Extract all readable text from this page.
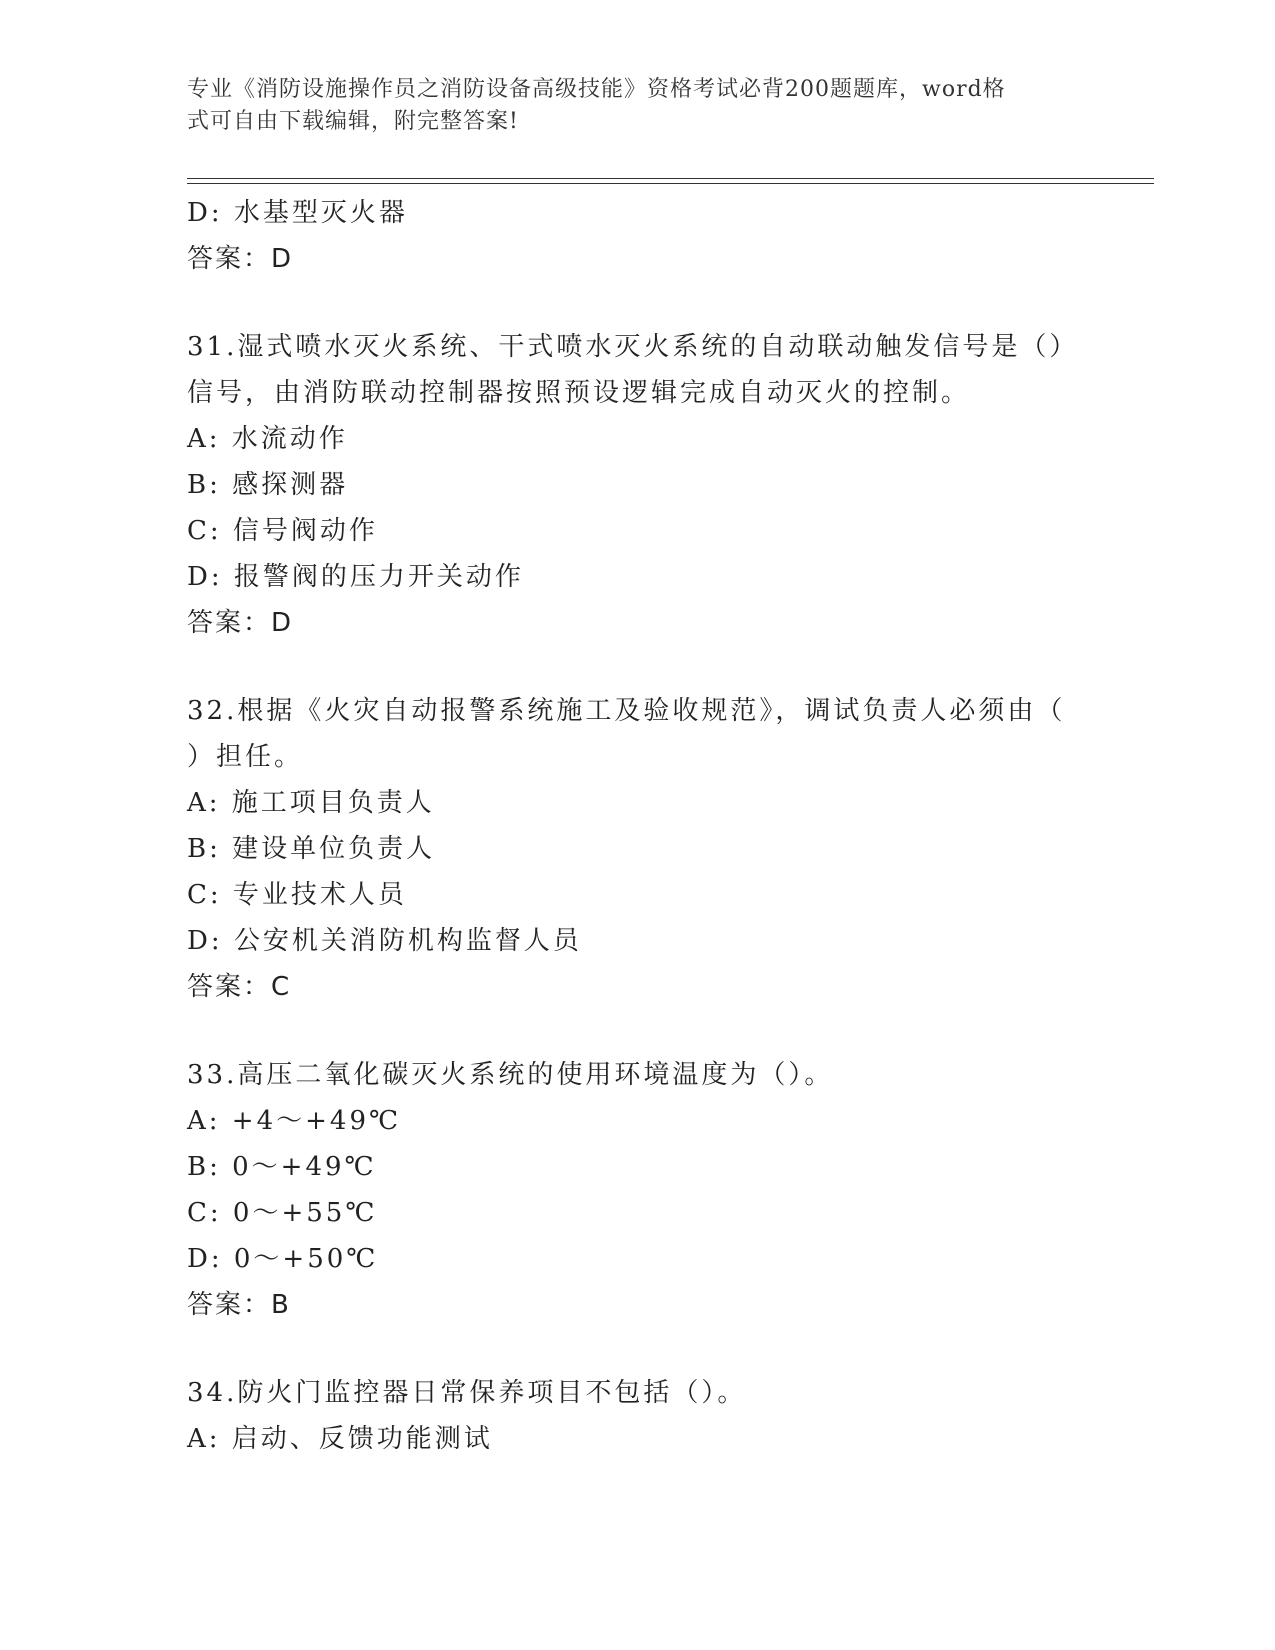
专业《消防设施操作员之消防设备高级技能》资格考试必背200题题库，word格
式可自由下载编辑，附完整答案!
D: 水基型灭火器
答案：D
31.湿式喷水灭火系统、干式喷水灭火系统的自动联动触发信号是（）
信号，由消防联动控制器按照预设逻辑完成自动灭火的控制。
A: 水流动作
B: 感探测器
C: 信号阀动作
D: 报警阀的压力开关动作
答案：D
32.根据《火灾自动报警系统施工及验收规范》，调试负责人必须由（
）担任。
A: 施工项目负责人
B: 建设单位负责人
C: 专业技术人员
D: 公安机关消防机构监督人员
答案：C
33.高压二氧化碳灭火系统的使用环境温度为（）。
A: +4～+49℃
B: 0～+49℃
C: 0～+55℃
D: 0～+50℃
答案：B
34.防火门监控器日常保养项目不包括（）。
A: 启动、反馈功能测试
